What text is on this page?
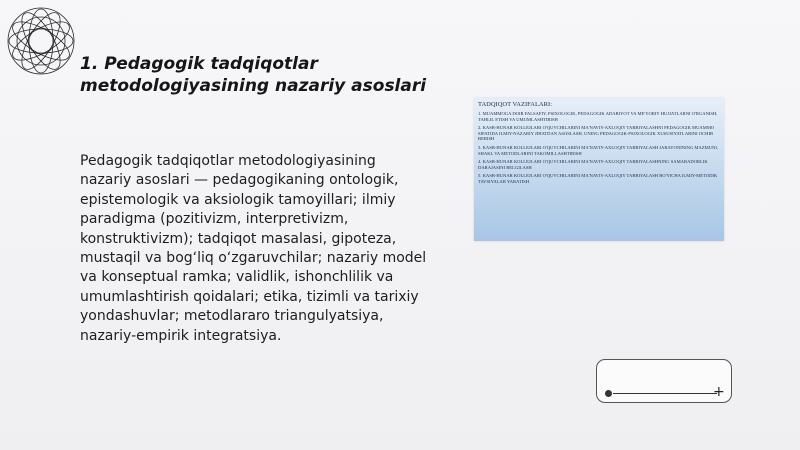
1. Pedagogik tadqiqotlar
metodologiyasining nazariy asoslari

Pedagogik tadqiqotlar metodologiyasining nazariy asoslari — pedagogikaning ontologik, epistemologik va aksiologik tamoyillari; ilmiy paradigma (pozitivizm, interpretivizm, konstruktivizm); tadqiqot masalasi, gipoteza, mustaqil va bog‘liq o‘zgaruvchilar; nazariy model va konseptual ramka; validlik, ishonchlilik va umumlashtirish qoidalari; etika, tizimli va tarixiy yondashuvlar; metodlararo triangulyatsiya, nazariy-empirik integratsiya.

TADQIQOT VAZIFALARI:
1. MUAMMOGA DOIR FALSAFIY, PSIXOLOGIK, PEDAGOGIK ADABIYOT VA ME'YORIY HUJJATLARNI O'RGANISH, TAHLIL ETISH VA UMUMLASHTIRISH
2. KASB-HUNAR KOLLEJLARI O'QUVCHILARINI MA'NAVIY-AXLOQIY TARBIYALASHNI PEDAGOGIK MUAMMO SIFATIDA ILMIY-NAZARIY JIHATDAN ASOSLASH, UNING PEDAGOGIK-PSIXOLOGIK XUSUSIYATLARINI OCHIB BERISH
3. KASB-HUNAR KOLLEJLARI O'QUVCHILARINI MA'NAVIY-AXLOQIY TARBIYALASH JARAYONINING MAZMUNI, SHAKL VA METODLARINI TAKOMILLASHTIRISH
4. KASB-HUNAR KOLLEJLARI O'QUVCHILARINI MA'NAVIY-AXLOQIY TARBIYALASHNING SAMARADORLIK DARAJASINI BELGILASH
5. KASB-HUNAR KOLLEJLARI O'QUVCHILARINI MA'NAVIY-AXLOQIY TARBIYALASH BO'YICHA ILMIY-METODIK TAVSIYALAR YARATISH
+
